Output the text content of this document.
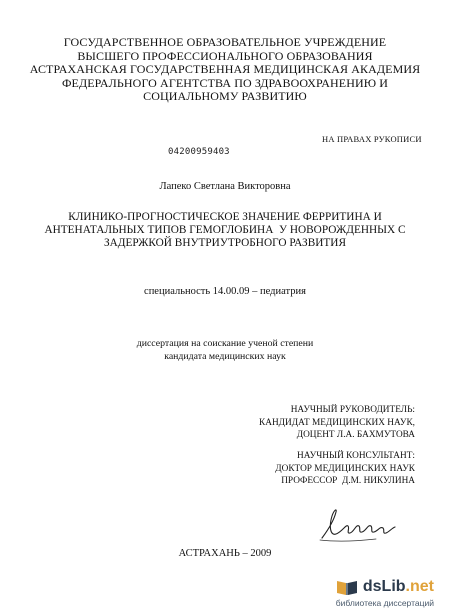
ГОСУДАРСТВЕННОЕ ОБРАЗОВАТЕЛЬНОЕ УЧРЕЖДЕНИЕ
ВЫСШЕГО ПРОФЕССИОНАЛЬНОГО ОБРАЗОВАНИЯ
АСТРАХАНСКАЯ ГОСУДАРСТВЕННАЯ МЕДИЦИНСКАЯ АКАДЕМИЯ
ФЕДЕРАЛЬНОГО АГЕНТСТВА ПО ЗДРАВООХРАНЕНИЮ И
СОЦИАЛЬНОМУ РАЗВИТИЮ
НА ПРАВАХ РУКОПИСИ
04200959403
Лапеко Светлана Викторовна
КЛИНИКО-ПРОГНОСТИЧЕСКОЕ ЗНАЧЕНИЕ ФЕРРИТИНА И
АНТЕНАТАЛЬНЫХ ТИПОВ ГЕМОГЛОБИНА  У НОВОРОЖДЕННЫХ С
ЗАДЕРЖКОЙ ВНУТРИУТРОБНОГО РАЗВИТИЯ
специальность 14.00.09 – педиатрия
диссертация на соискание ученой степени
кандидата медицинских наук
НАУЧНЫЙ РУКОВОДИТЕЛЬ:
КАНДИДАТ МЕДИЦИНСКИХ НАУК,
ДОЦЕНТ Л.А. БАХМУТОВА
НАУЧНЫЙ КОНСУЛЬТАНТ:
ДОКТОР МЕДИЦИНСКИХ НАУК
ПРОФЕССОР  Д.М. НИКУЛИНА
АСТРАХАНЬ – 2009
dsLib.net
библиотека диссертаций
